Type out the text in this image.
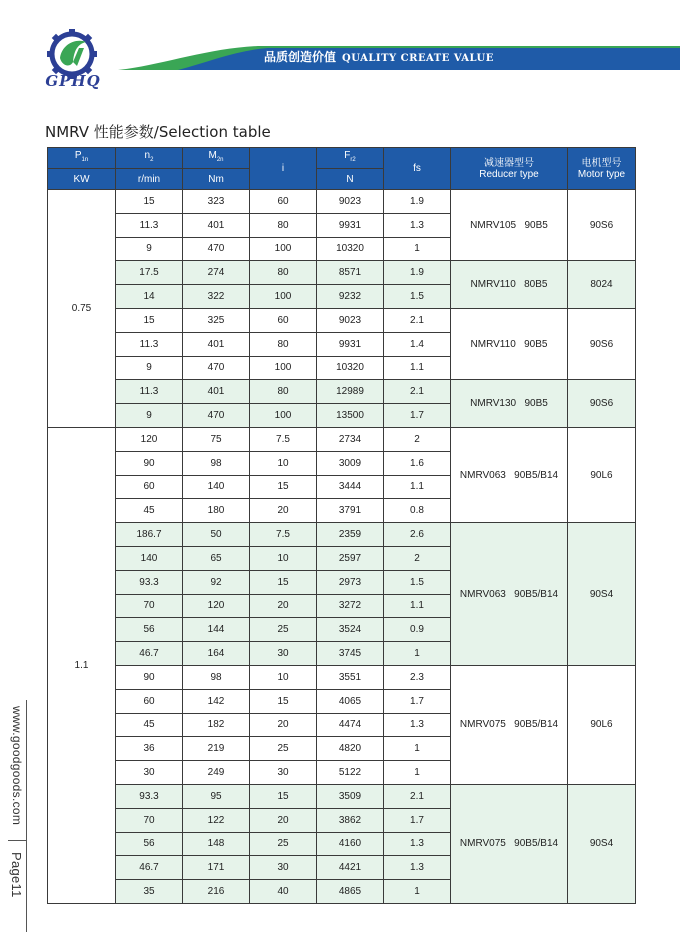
GPHQ
品质创造价值 QUALITY CREATE VALUE
NMRV 性能参数/Selection table
www.goodgoods.com
Page11
$P_{1n}$	$n_2$	$M_{2n}$	i	$F_{r2}$	fs	减速器型号
Reducer type	电机型号
Motor type
KW	r/min	Nm		N			
0.75	15	323	60	9023	1.9	NMRV105   90B5	90S6
	11.3	401	80	9931	1.3		
	9	470	100	10320	1		
	17.5	274	80	8571	1.9	NMRV110   80B5	8024
	14	322	100	9232	1.5		
	15	325	60	9023	2.1	NMRV110   90B5	90S6
	11.3	401	80	9931	1.4		
	9	470	100	10320	1.1		
	11.3	401	80	12989	2.1	NMRV130   90B5	90S6
	9	470	100	13500	1.7		
1.1	120	75	7.5	2734	2	NMRV063   90B5/B14	90L6
	90	98	10	3009	1.6		
	60	140	15	3444	1.1		
	45	180	20	3791	0.8		
	186.7	50	7.5	2359	2.6	NMRV063   90B5/B14	90S4
	140	65	10	2597	2		
	93.3	92	15	2973	1.5		
	70	120	20	3272	1.1		
	56	144	25	3524	0.9		
	46.7	164	30	3745	1		
	90	98	10	3551	2.3	NMRV075   90B5/B14	90L6
	60	142	15	4065	1.7		
	45	182	20	4474	1.3		
	36	219	25	4820	1		
	30	249	30	5122	1		
	93.3	95	15	3509	2.1	NMRV075   90B5/B14	90S4
	70	122	20	3862	1.7		
	56	148	25	4160	1.3		
	46.7	171	30	4421	1.3		
	35	216	40	4865	1		
